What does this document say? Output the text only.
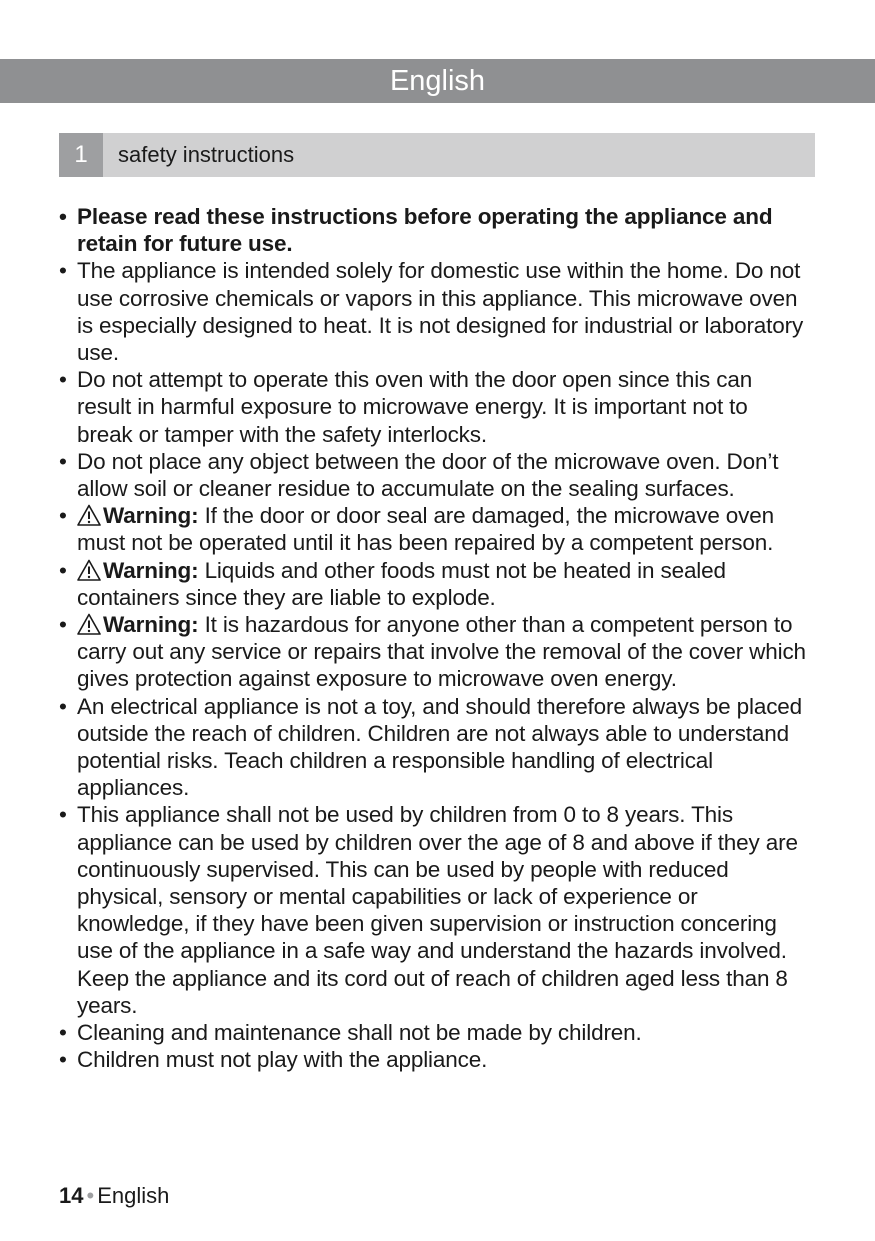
English
1	safety instructions
• Please read these instructions before operating the appliance and retain for future use.
• The appliance is intended solely for domestic use within the home. Do not use corrosive chemicals or vapors in this appliance. This microwave oven is especially designed to heat. It is not designed for industrial or laboratory use.
• Do not attempt to operate this oven with the door open since this can result in harmful exposure to microwave energy. It is important not to break or tamper with the safety interlocks.
• Do not place any object between the door of the microwave oven. Don’t allow soil or cleaner residue to accumulate on the sealing surfaces.
• Warning: If the door or door seal are damaged, the microwave oven must not be operated until it has been repaired by a competent person.
• Warning: Liquids and other foods must not be heated in sealed containers since they are liable to explode.
• Warning: It is hazardous for anyone other than a competent person to carry out any service or repairs that involve the removal of the cover which gives protection against exposure to microwave oven energy.
• An electrical appliance is not a toy, and should therefore always be placed outside the reach of children. Children are not always able to understand potential risks. Teach children a responsible handling of electrical appliances.
• This appliance shall not be used by children from 0 to 8 years. This appliance can be used by children over the age of 8 and above if they are continuously supervised. This can be used by people with reduced physical, sensory or mental capabilities or lack of experience or knowledge, if they have been given supervision or instruction concering use of the appliance in a safe way and understand the hazards involved. Keep the appliance and its cord out of reach of children aged less than 8 years.
• Cleaning and maintenance shall not be made by children.
• Children must not play with the appliance.
14 • English
